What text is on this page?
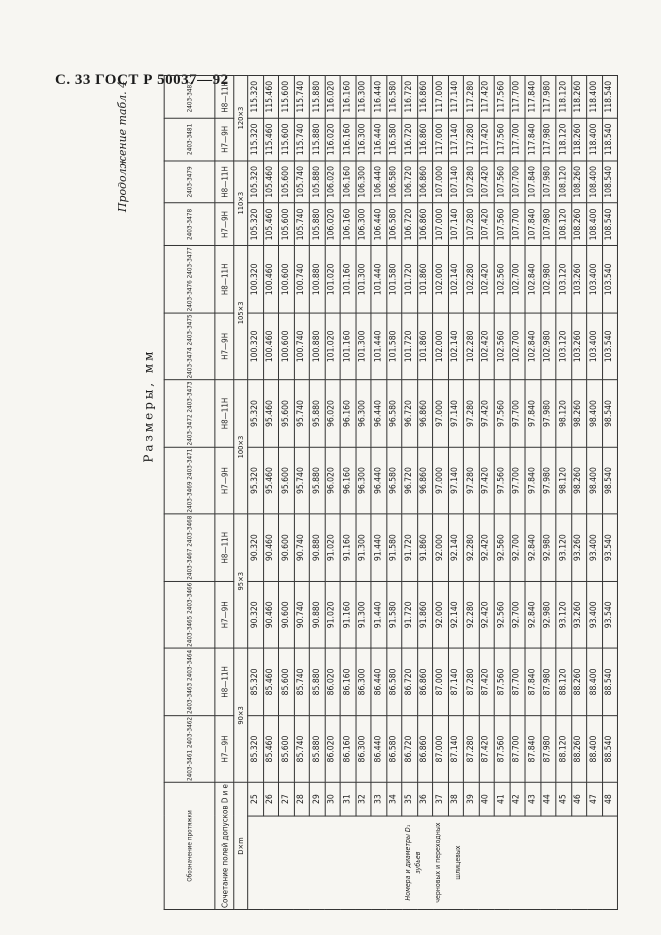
С. 33 ГОСТ Р 50037—92
Продолжение табл. 4
Размеры, мм
Обозначение протяжки		2403-3461 2403-3462	2403-3463 2403-3464	2403-3465 2403-3466	2403-3467 2403-3468	2403-3469 2403-3471	2403-3472 2403-3473	2403-3474 2403-3475	2403-3476 2403-3477	2403-3478	2403-3479	2403-3481	2403-3482
Сочетание полей допусков D и e		H7—9H	H8—11H	H7—9H	H8—11H	H7—9H	H8—11H	H7—9H	H8—11H	H7—9H	H8—11H	H7—9H	H8—11H
D×m		90×3		95×3		100×3		105×3		110×3		120×3	

Номера и диаметры D₁ зубьев черновых и переходных шлицевых	25	85.320	85.320	90.320	90.320	95.320	95.320	100.320	100.320	105.320	105.320	115.320	115.320
	26	85.460	85.460	90.460	90.460	95.460	95.460	100.460	100.460	105.460	105.460	115.460	115.460
	27	85.600	85.600	90.600	90.600	95.600	95.600	100.600	100.600	105.600	105.600	115.600	115.600
	28	85.740	85.740	90.740	90.740	95.740	95.740	100.740	100.740	105.740	105.740	115.740	115.740
	29	85.880	85.880	90.880	90.880	95.880	95.880	100.880	100.880	105.880	105.880	115.880	115.880
	30	86.020	86.020	91.020	91.020	96.020	96.020	101.020	101.020	106.020	106.020	116.020	116.020
	31	86.160	86.160	91.160	91.160	96.160	96.160	101.160	101.160	106.160	106.160	116.160	116.160
	32	86.300	86.300	91.300	91.300	96.300	96.300	101.300	101.300	106.300	106.300	116.300	116.300
	33	86.440	86.440	91.440	91.440	96.440	96.440	101.440	101.440	106.440	106.440	116.440	116.440
	34	86.580	86.580	91.580	91.580	96.580	96.580	101.580	101.580	106.580	106.580	116.580	116.580
	35	86.720	86.720	91.720	91.720	96.720	96.720	101.720	101.720	106.720	106.720	116.720	116.720
	36	86.860	86.860	91.860	91.860	96.860	96.860	101.860	101.860	106.860	106.860	116.860	116.860
	37	87.000	87.000	92.000	92.000	97.000	97.000	102.000	102.000	107.000	107.000	117.000	117.000
	38	87.140	87.140	92.140	92.140	97.140	97.140	102.140	102.140	107.140	107.140	117.140	117.140
	39	87.280	87.280	92.280	92.280	97.280	97.280	102.280	102.280	107.280	107.280	117.280	117.280
	40	87.420	87.420	92.420	92.420	97.420	97.420	102.420	102.420	107.420	107.420	117.420	117.420
	41	87.560	87.560	92.560	92.560	97.560	97.560	102.560	102.560	107.560	107.560	117.560	117.560
	42	87.700	87.700	92.700	92.700	97.700	97.700	102.700	102.700	107.700	107.700	117.700	117.700
	43	87.840	87.840	92.840	92.840	97.840	97.840	102.840	102.840	107.840	107.840	117.840	117.840
	44	87.980	87.980	92.980	92.980	97.980	97.980	102.980	102.980	107.980	107.980	117.980	117.980
	45	88.120	88.120	93.120	93.120	98.120	98.120	103.120	103.120	108.120	108.120	118.120	118.120
	46	88.260	88.260	93.260	93.260	98.260	98.260	103.260	103.260	108.260	108.260	118.260	118.260
	47	88.400	88.400	93.400	93.400	98.400	98.400	103.400	103.400	108.400	108.400	118.400	118.400
	48	88.540	88.540	93.540	93.540	98.540	98.540	103.540	103.540	108.540	108.540	118.540	118.540
